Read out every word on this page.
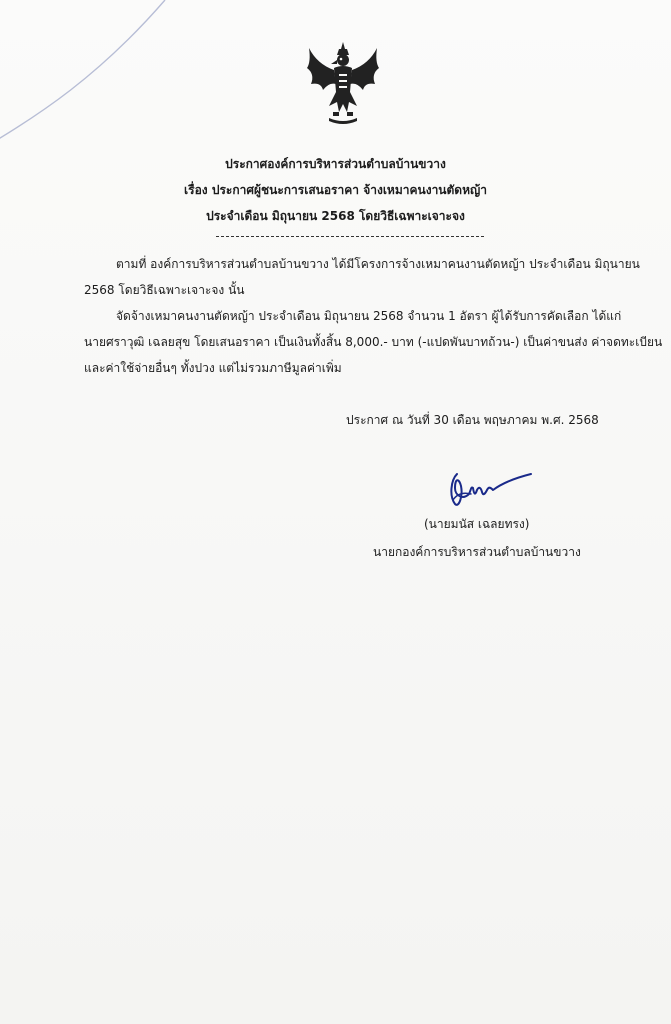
ประกาศองค์การบริหารส่วนตำบลบ้านขวาง
เรื่อง ประกาศผู้ชนะการเสนอราคา จ้างเหมาคนงานตัดหญ้า
ประจำเดือน มิถุนายน 2568 โดยวิธีเฉพาะเจาะจง
ตามที่ องค์การบริหารส่วนตำบลบ้านขวาง ได้มีโครงการจ้างเหมาคนงานตัดหญ้า ประจำเดือน มิถุนายน
2568 โดยวิธีเฉพาะเจาะจง นั้น
จัดจ้างเหมาคนงานตัดหญ้า ประจำเดือน มิถุนายน 2568 จำนวน 1 อัตรา ผู้ได้รับการคัดเลือก ได้แก่
นายศราวุฒิ เฉลยสุข โดยเสนอราคา เป็นเงินทั้งสิ้น 8,000.- บาท (-แปดพันบาทถ้วน-) เป็นค่าขนส่ง ค่าจดทะเบียน
และค่าใช้จ่ายอื่นๆ ทั้งปวง แต่ไม่รวมภาษีมูลค่าเพิ่ม
ประกาศ ณ วันที่ 30 เดือน พฤษภาคม พ.ศ. 2568
(นายมนัส เฉลยทรง)
นายกองค์การบริหารส่วนตำบลบ้านขวาง
